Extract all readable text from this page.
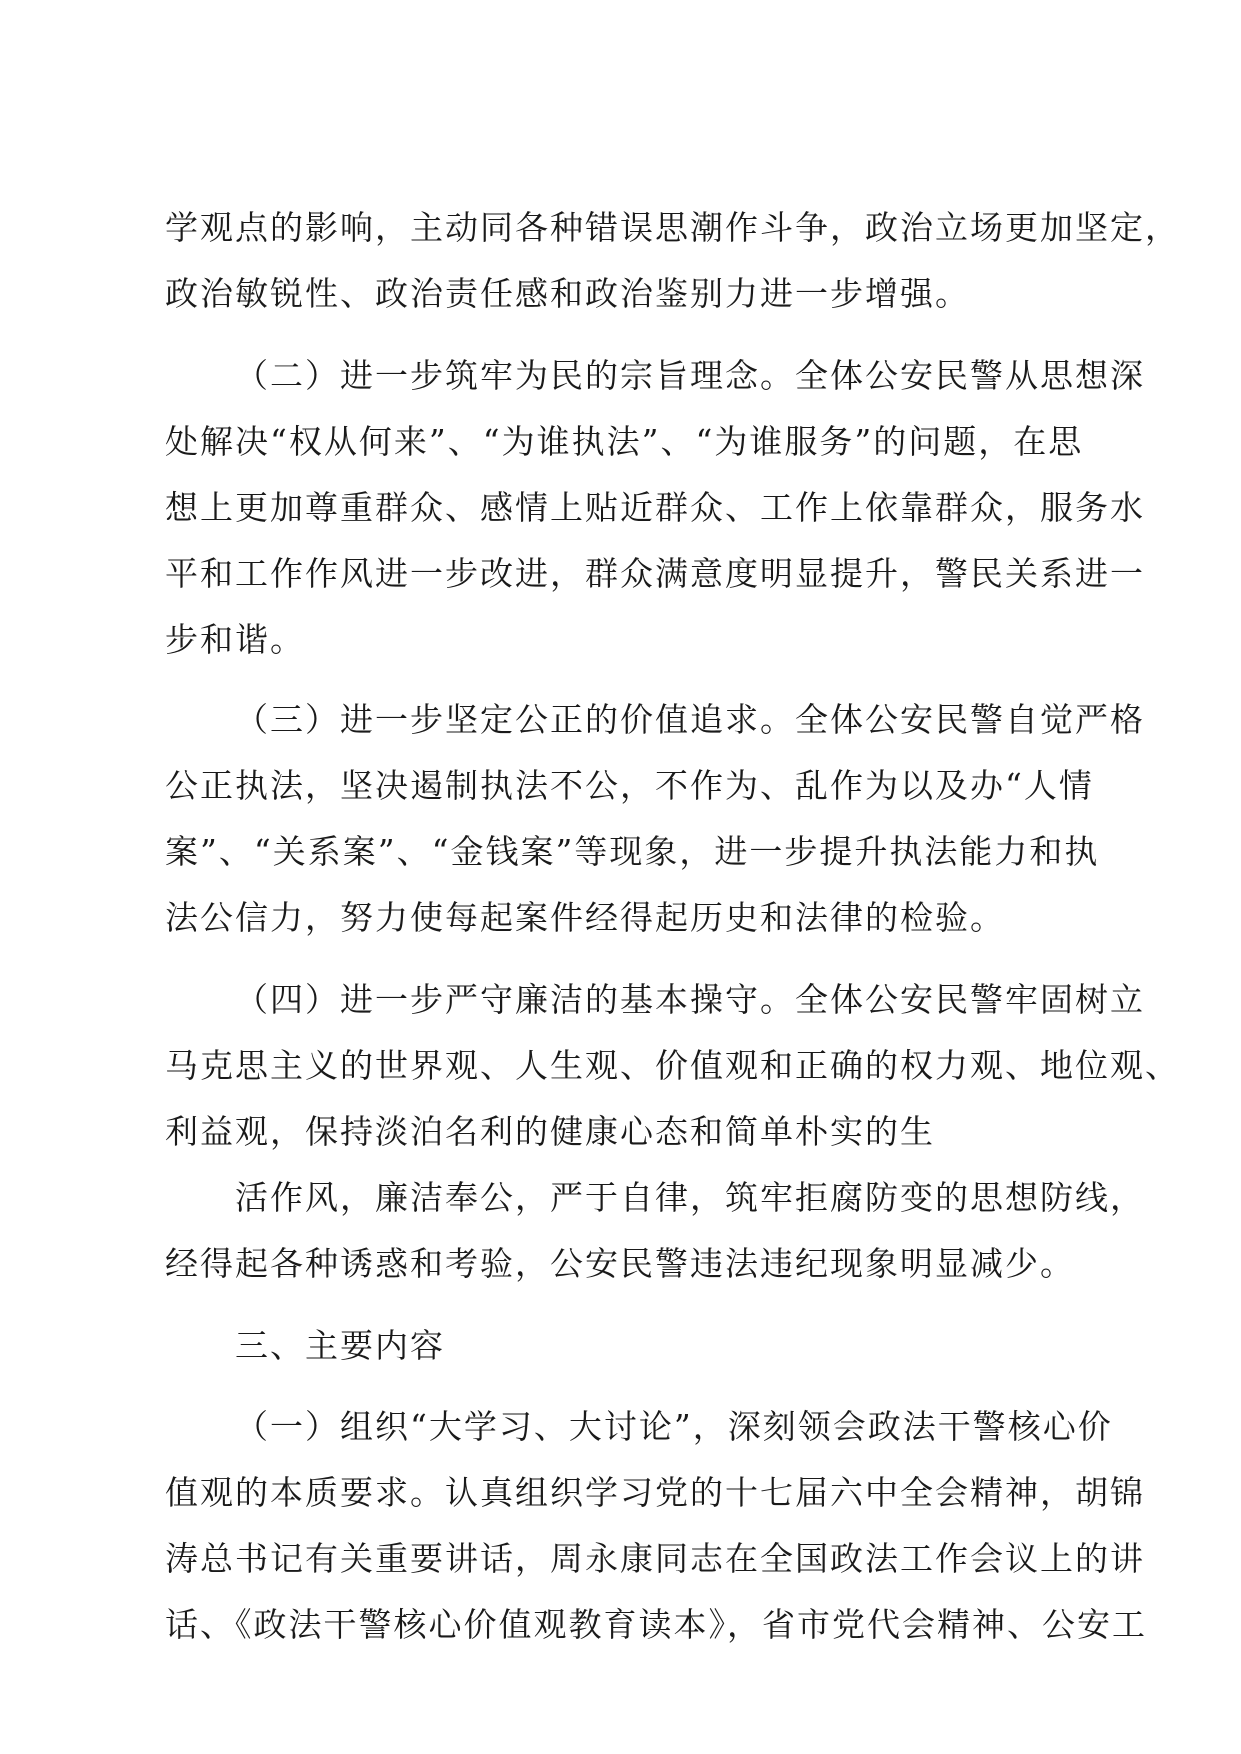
学观点的影响，主动同各种错误思潮作斗争，政治立场更加坚定，
政治敏锐性、政治责任感和政治鉴别力进一步增强。
（二）进一步筑牢为民的宗旨理念。全体公安民警从思想深
处解决“权从何来”、“为谁执法”、“为谁服务”的问题，在思
想上更加尊重群众、感情上贴近群众、工作上依靠群众，服务水
平和工作作风进一步改进，群众满意度明显提升，警民关系进一
步和谐。
（三）进一步坚定公正的价值追求。全体公安民警自觉严格
公正执法，坚决遏制执法不公，不作为、乱作为以及办“人情
案”、“关系案”、“金钱案”等现象，进一步提升执法能力和执
法公信力，努力使每起案件经得起历史和法律的检验。
（四）进一步严守廉洁的基本操守。全体公安民警牢固树立
马克思主义的世界观、人生观、价值观和正确的权力观、地位观、
利益观，保持淡泊名利的健康心态和简单朴实的生
活作风，廉洁奉公，严于自律，筑牢拒腐防变的思想防线，
经得起各种诱惑和考验，公安民警违法违纪现象明显减少。
三、主要内容
（一）组织“大学习、大讨论”，深刻领会政法干警核心价
值观的本质要求。认真组织学习党的十七届六中全会精神，胡锦
涛总书记有关重要讲话，周永康同志在全国政法工作会议上的讲
话、《政法干警核心价值观教育读本》，省市党代会精神、公安工
